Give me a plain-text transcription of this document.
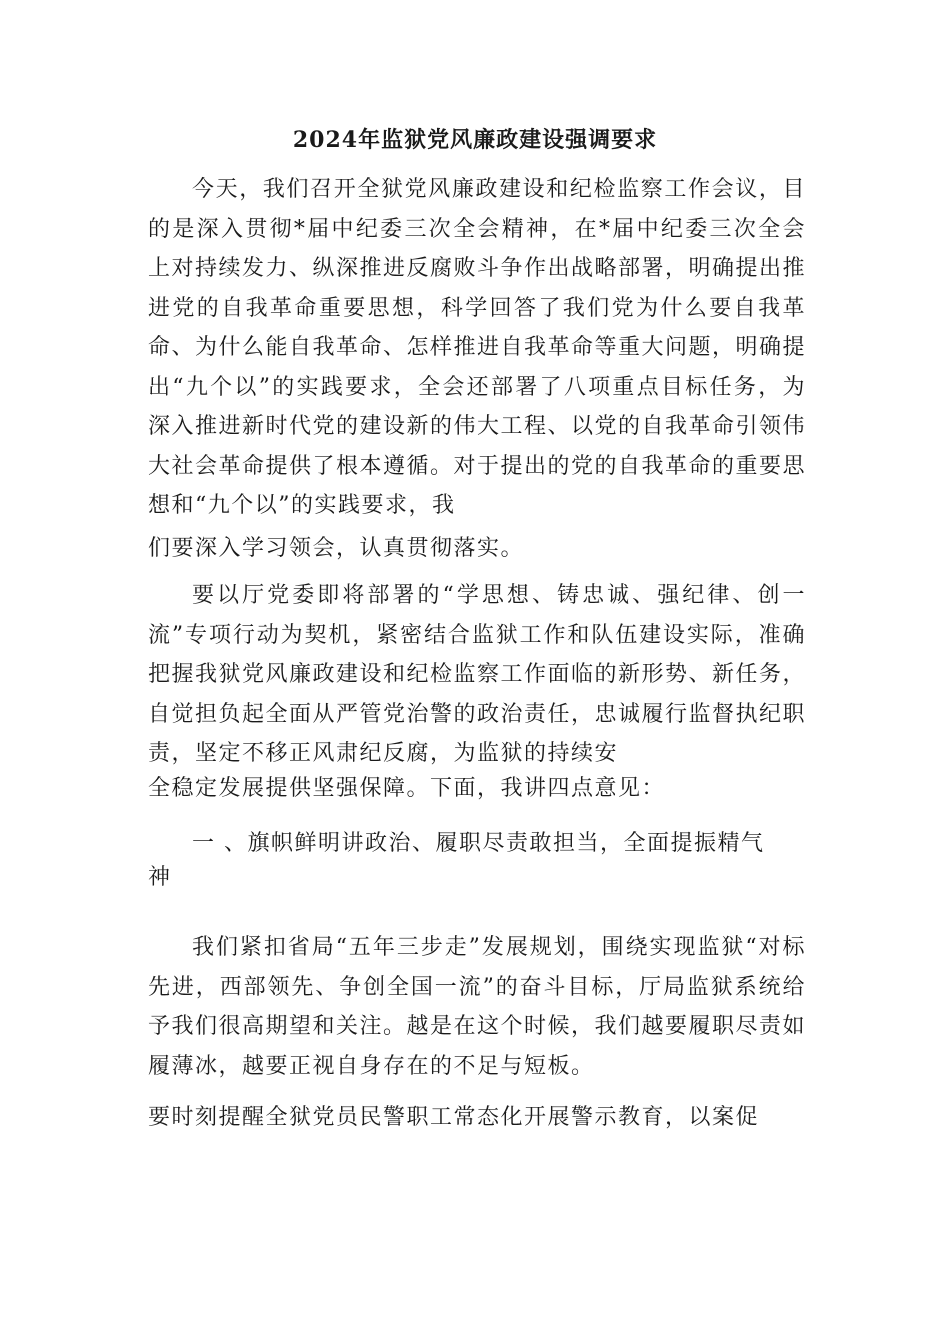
2024年监狱党风廉政建设强调要求

今天，我们召开全狱党风廉政建设和纪检监察工作会议，目的是深入贯彻*届中纪委三次全会精神，在*届中纪委三次全会上对持续发力、纵深推进反腐败斗争作出战略部署，明确提出推进党的自我革命重要思想，科学回答了我们党为什么要自我革命、为什么能自我革命、怎样推进自我革命等重大问题，明确提出“九个以”的实践要求，全会还部署了八项重点目标任务，为深入推进新时代党的建设新的伟大工程、以党的自我革命引领伟大社会革命提供了根本遵循。对于提出的党的自我革命的重要思想和“九个以”的实践要求，我

们要深入学习领会，认真贯彻落实。

要以厅党委即将部署的“学思想、铸忠诚、强纪律、创一流”专项行动为契机，紧密结合监狱工作和队伍建设实际，准确把握我狱党风廉政建设和纪检监察工作面临的新形势、新任务，自觉担负起全面从严管党治警的政治责任，忠诚履行监督执纪职责，坚定不移正风肃纪反腐，为监狱的持续安

全稳定发展提供坚强保障。下面，我讲四点意见：

一 、旗帜鲜明讲政治、履职尽责敢担当，全面提振精气

神

我们紧扣省局“五年三步走”发展规划，围绕实现监狱“对标先进，西部领先、争创全国一流”的奋斗目标，厅局监狱系统给予我们很高期望和关注。越是在这个时候，我们越要履职尽责如履薄冰，越要正视自身存在的不足与短板。

要时刻提醒全狱党员民警职工常态化开展警示教育，以案促
